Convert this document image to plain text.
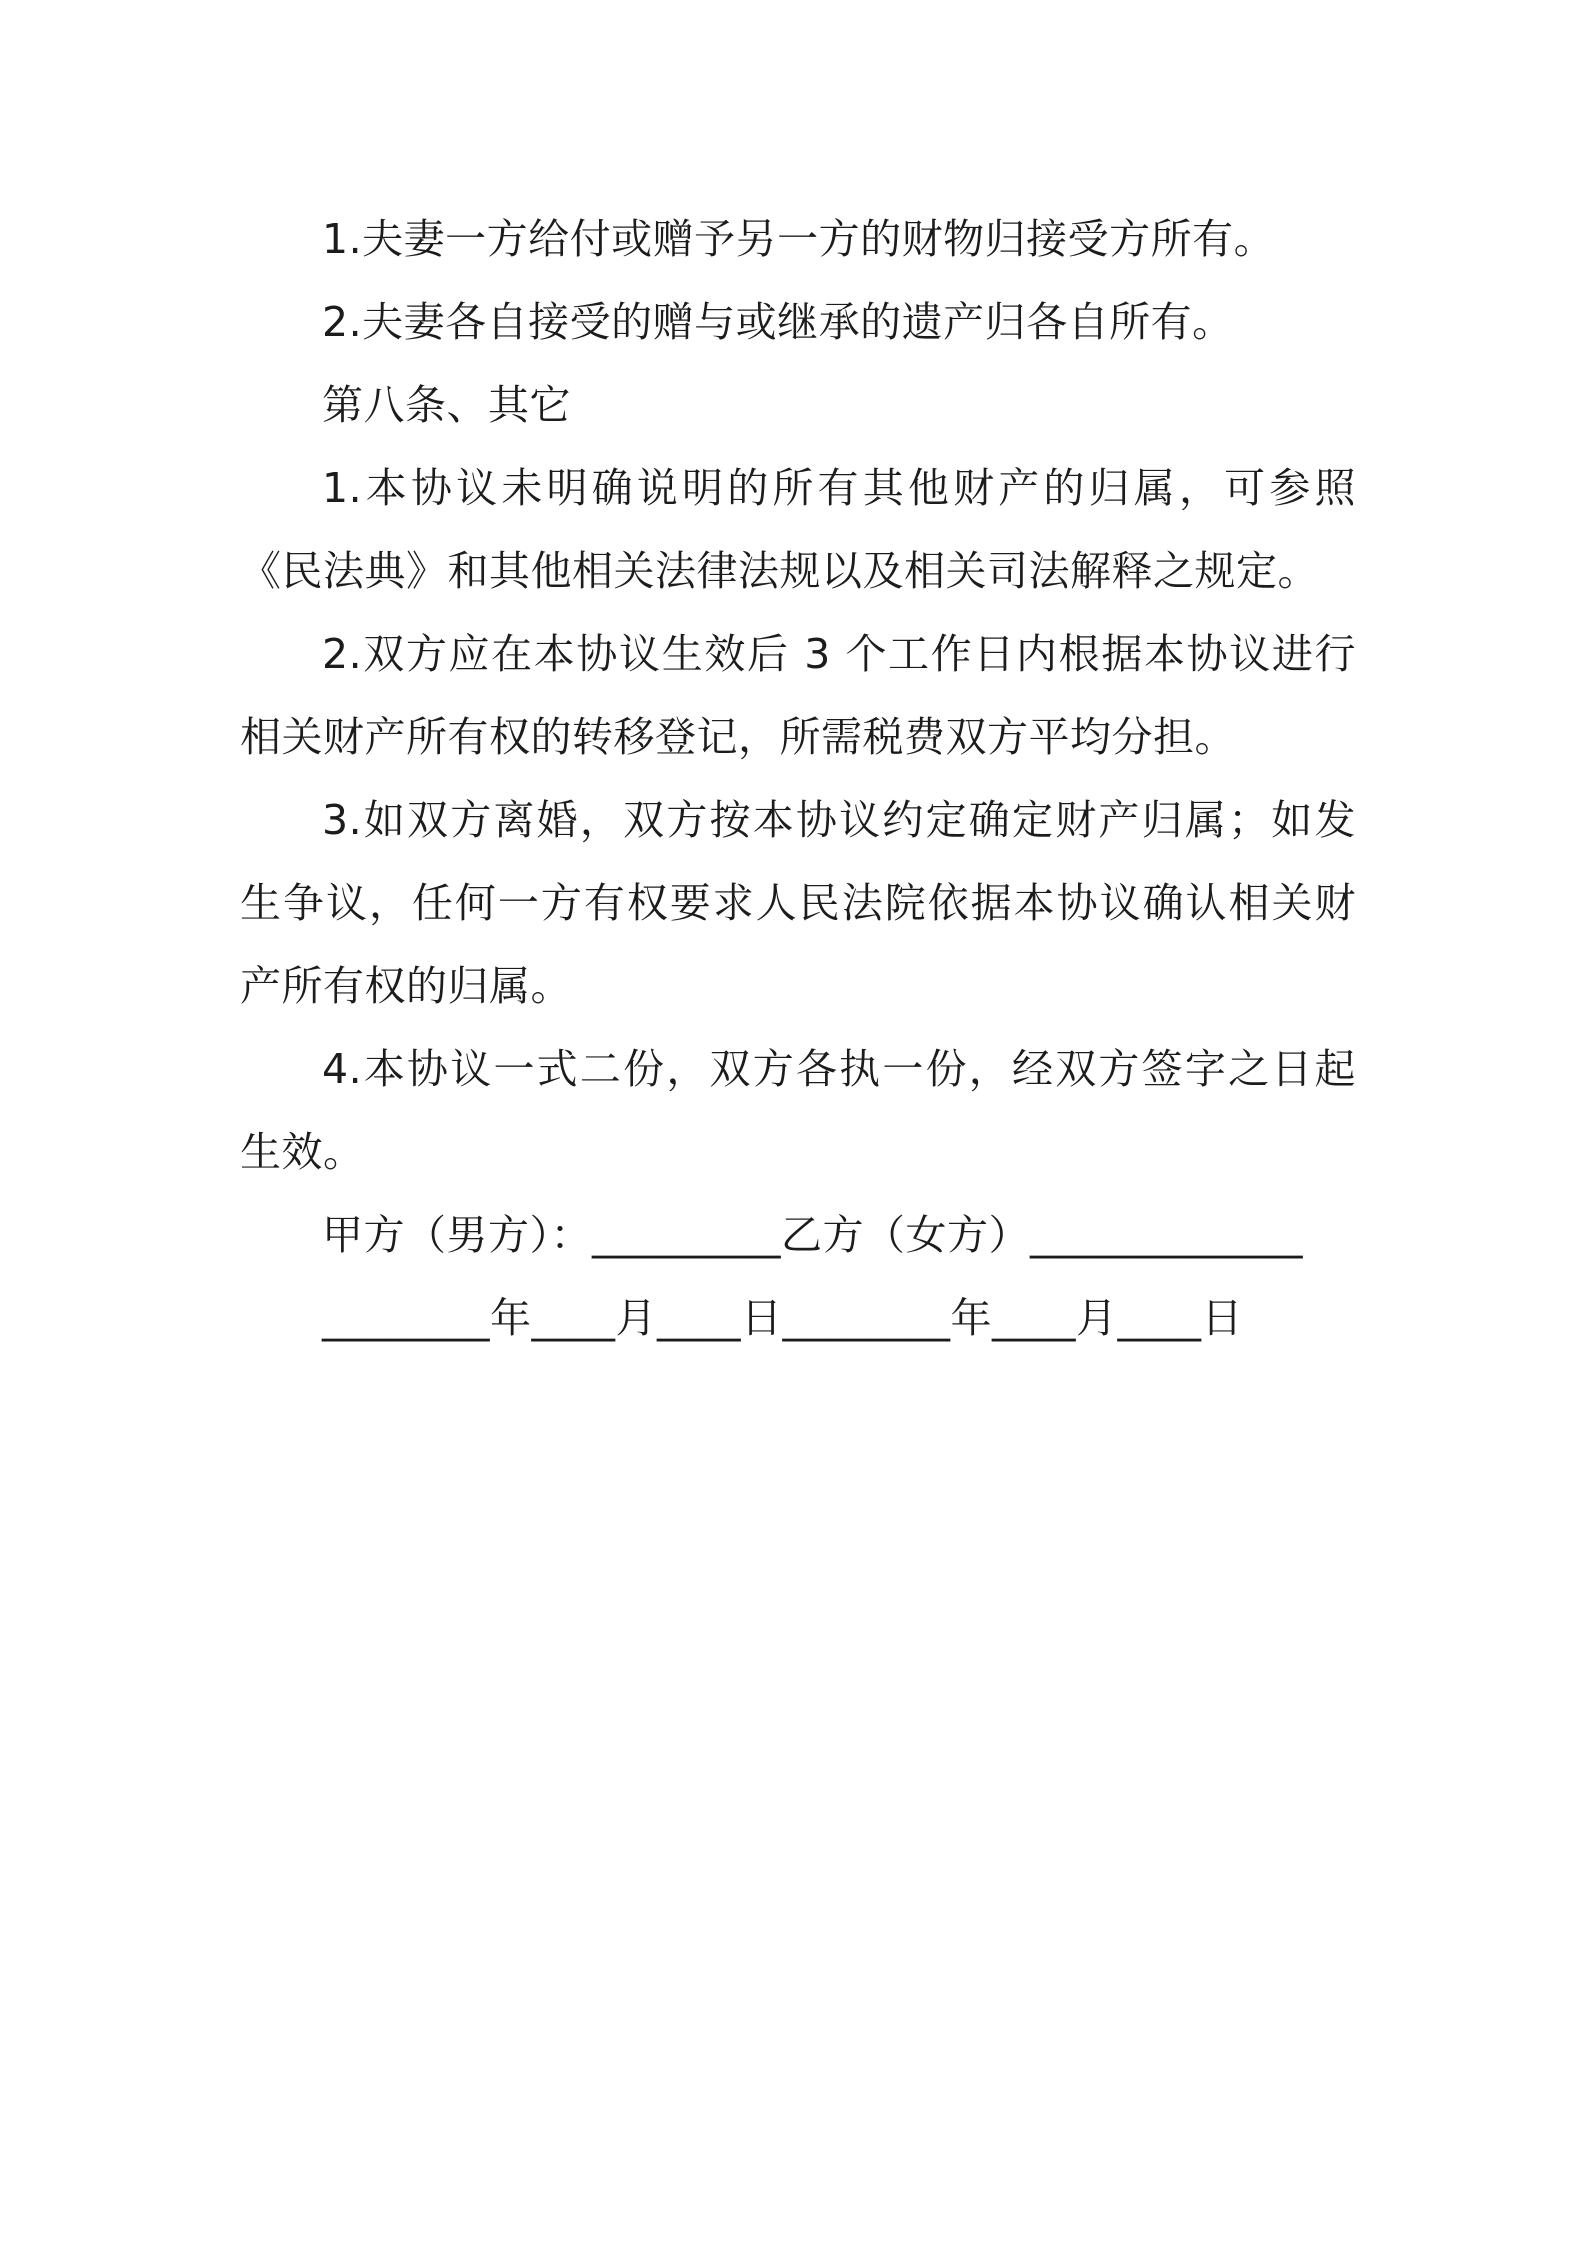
1.夫妻一方给付或赠予另一方的财物归接受方所有。

2.夫妻各自接受的赠与或继承的遗产归各自所有。

第八条、其它

1.本协议未明确说明的所有其他财产的归属，可参照《民法典》和其他相关法律法规以及相关司法解释之规定。

2.双方应在本协议生效后 3 个工作日内根据本协议进行相关财产所有权的转移登记，所需税费双方平均分担。

3.如双方离婚，双方按本协议约定确定财产归属；如发生争议，任何一方有权要求人民法院依据本协议确认相关财产所有权的归属。

4.本协议一式二份，双方各执一份，经双方签字之日起生效。

甲方（男方）：_________乙方（女方）_____________

________年____月____日________年____月____日
